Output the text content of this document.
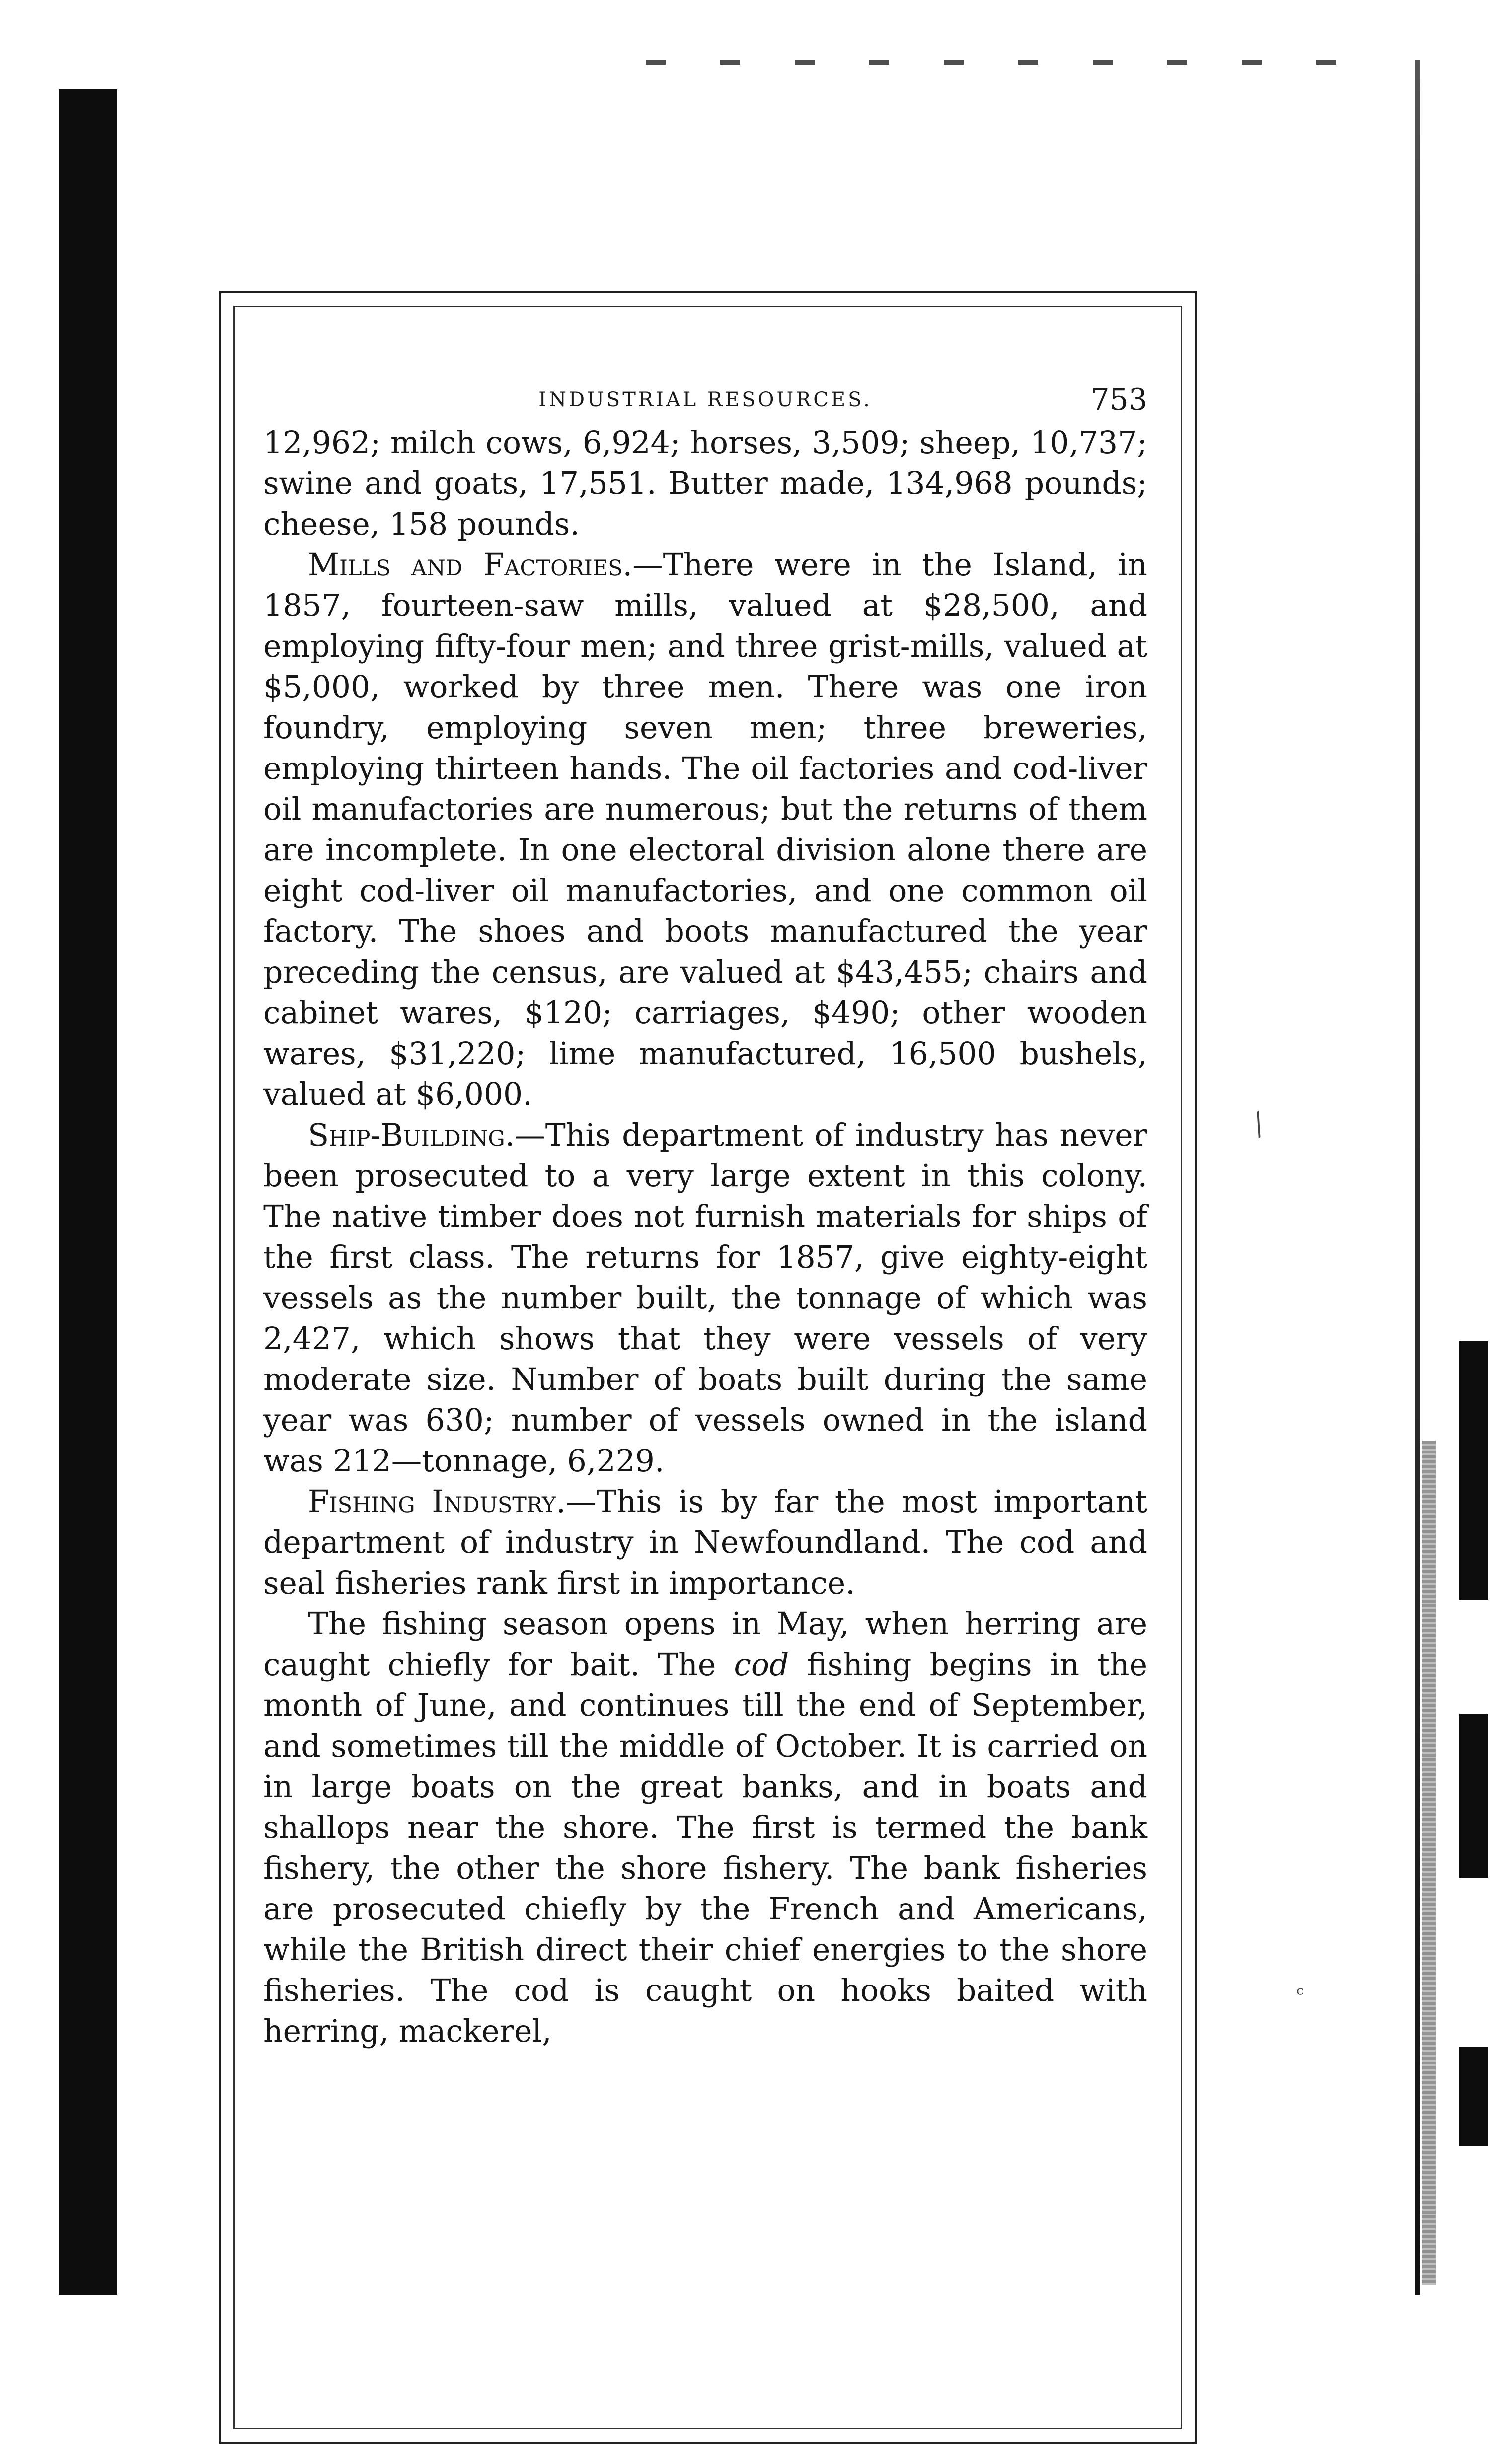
INDUSTRIAL RESOURCES.	753

12,962; milch cows, 6,924; horses, 3,509; sheep, 10,737; swine and goats, 17,551. Butter made, 134,968 pounds; cheese, 158 pounds.

Mills and Factories.—There were in the Island, in 1857, fourteen-saw mills, valued at $28,500, and employing fifty-four men; and three grist-mills, valued at $5,000, worked by three men. There was one iron foundry, employing seven men; three breweries, employing thirteen hands. The oil factories and cod-liver oil manufactories are numerous; but the returns of them are incomplete. In one electoral division alone there are eight cod-liver oil manufactories, and one common oil factory. The shoes and boots manufactured the year preceding the census, are valued at $43,455; chairs and cabinet wares, $120; carriages, $490; other wooden wares, $31,220; lime manufactured, 16,500 bushels, valued at $6,000.

Ship-Building.—This department of industry has never been prosecuted to a very large extent in this colony. The native timber does not furnish materials for ships of the first class. The returns for 1857, give eighty-eight vessels as the number built, the tonnage of which was 2,427, which shows that they were vessels of very moderate size. Number of boats built during the same year was 630; number of vessels owned in the island was 212—tonnage, 6,229.

Fishing Industry.—This is by far the most important department of industry in Newfoundland. The cod and seal fisheries rank first in importance.

The fishing season opens in May, when herring are caught chiefly for bait. The cod fishing begins in the month of June, and continues till the end of September, and sometimes till the middle of October. It is carried on in large boats on the great banks, and in boats and shallops near the shore. The first is termed the bank fishery, the other the shore fishery. The bank fisheries are prosecuted chiefly by the French and Americans, while the British direct their chief energies to the shore fisheries. The cod is caught on hooks baited with herring, mackerel,

⁄
ᶜ
